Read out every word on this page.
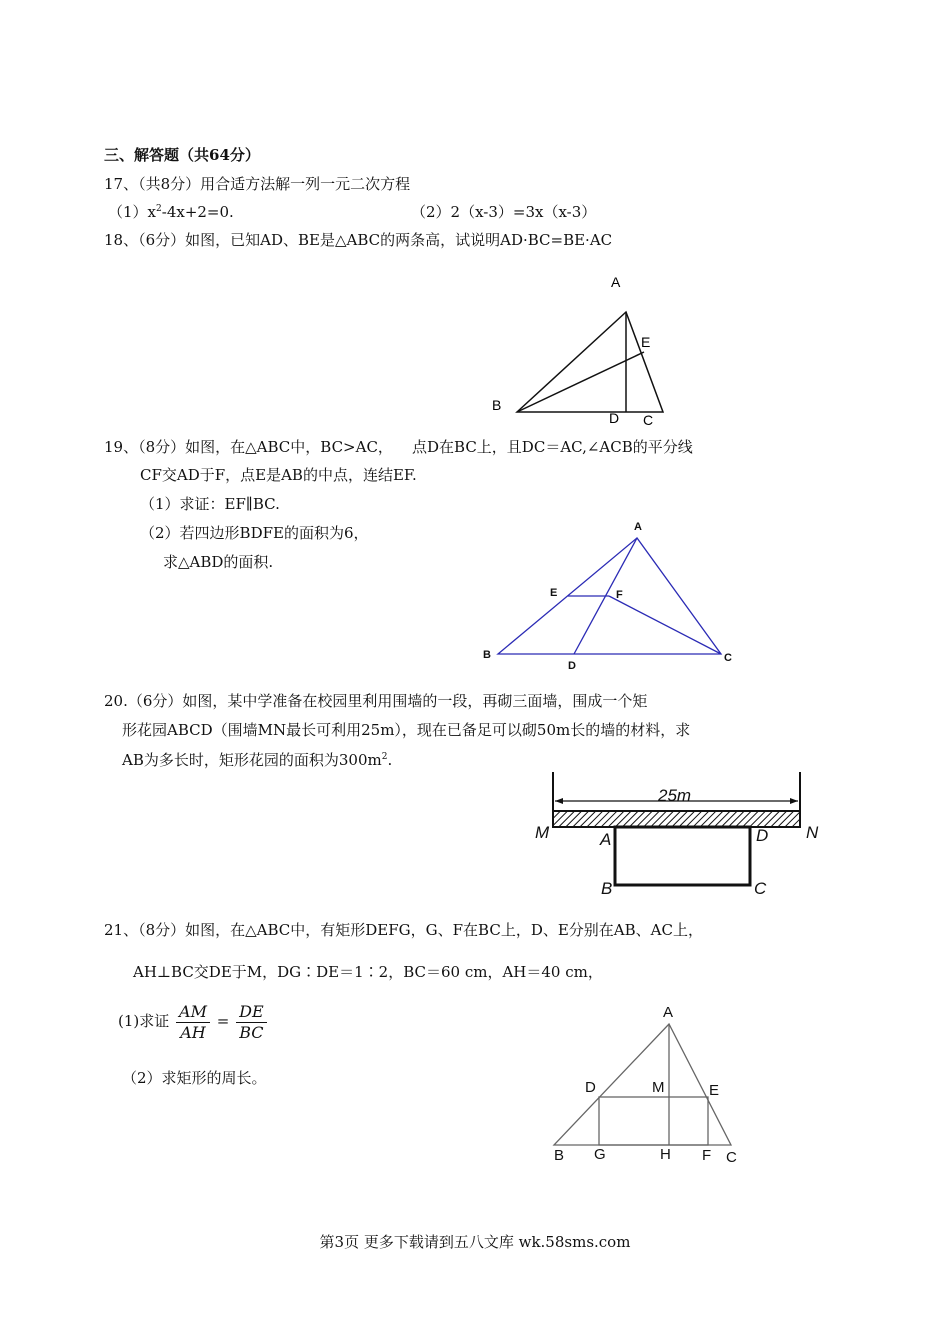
三、解答题（共64分）
17、（共8分）用合适方法解一列一元二次方程
$(1)x^2-4x+2=0$.	（2）2（x-3）=3x（x-3）
18、（6分）如图，已知AD、BE是△ABC的两条高，试说明AD·BC=BE·AC
A
B
E
D C
19、（8分）如图，在△ABC中，BC>AC，    点D在BC上，且DC＝AC,∠ACB的平分线
CF交AD于F，点E是AB的中点，连结EF.
（1）求证：EF∥BC.
（2）若四边形BDFE的面积为6，
求△ABD的面积.
A
E	F
B
D
C
20.（6分）如图，某中学准备在校园里利用围墙的一段，再砌三面墙，围成一个矩
形花园ABCD（围墙MN最长可利用25m），现在已备足可以砌50m长的墙的材料，求
AB为多长时，矩形花园的面积为$300m^2$.
25m
M	A	D N
B	C
21、（8分）如图，在△ABC中，有矩形DEFG，G、F在BC上，D、E分别在AB、AC上，
AH⊥BC交DE于M，DG∶DE＝1∶2，BC＝60 cm，AH＝40 cm，
(1)求证 $\frac{AM}{AH} = \frac{DE}{BC}$
（2）求矩形的周长。
A
D	M	E
B G	H F C
第3页 更多下载请到五八文库 wk.58sms.com
